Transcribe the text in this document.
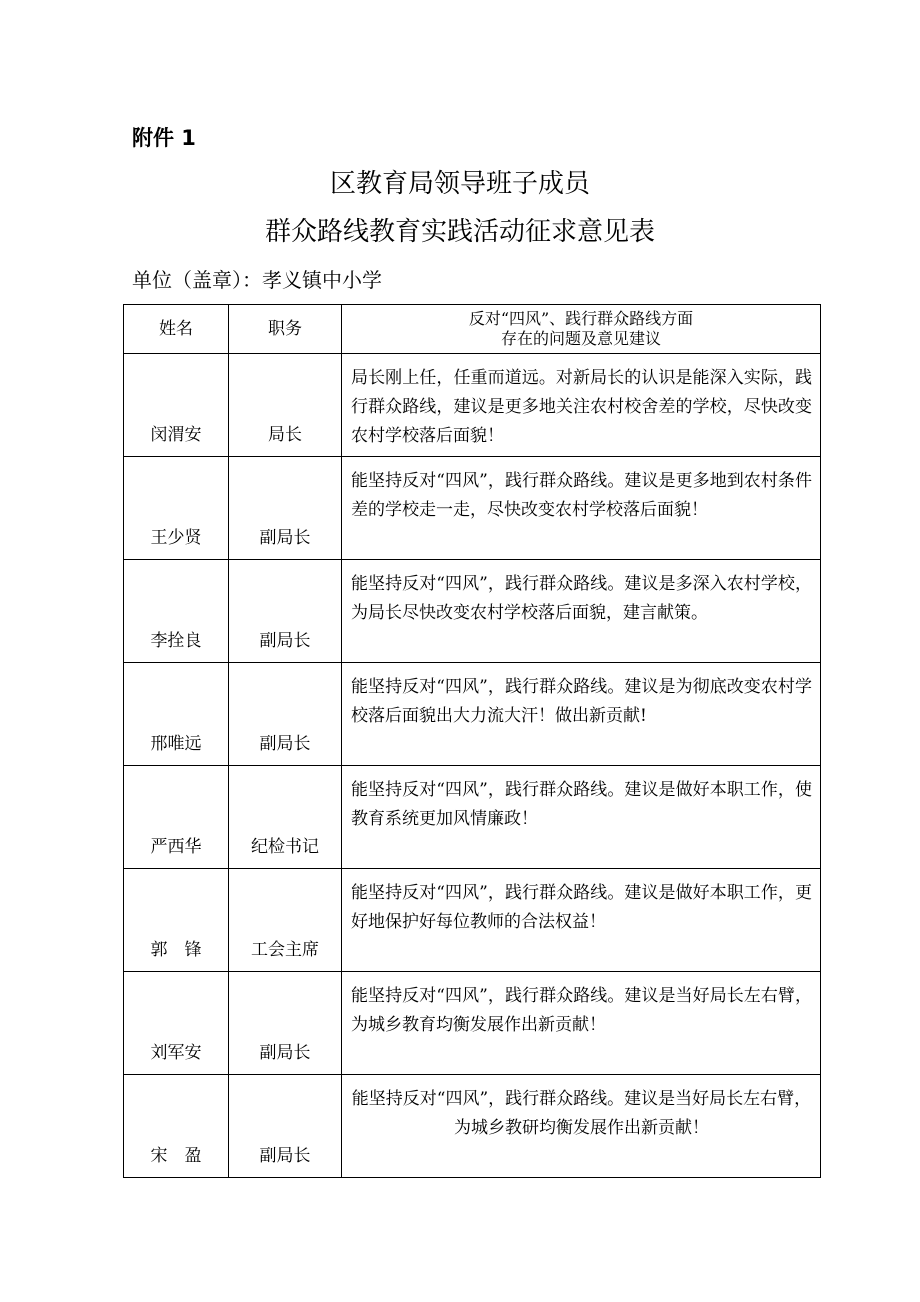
附件 1
区教育局领导班子成员
群众路线教育实践活动征求意见表
单位（盖章）：孝义镇中小学
姓名	职务	反对“四风”、践行群众路线方面
存在的问题及意见建议

闵渭安	局长	局长刚上任，任重而道远。对新局长的认识是能深入实际，践行群众路线，建议是更多地关注农村校舍差的学校，尽快改变农村学校落后面貌！
王少贤	副局长	能坚持反对“四风”，践行群众路线。建议是更多地到农村条件差的学校走一走，尽快改变农村学校落后面貌！
李拴良	副局长	能坚持反对“四风”，践行群众路线。建议是多深入农村学校，为局长尽快改变农村学校落后面貌，建言献策。
邢唯远	副局长	能坚持反对“四风”，践行群众路线。建议是为彻底改变农村学校落后面貌出大力流大汗！做出新贡献!
严西华	纪检书记	能坚持反对“四风”，践行群众路线。建议是做好本职工作，使教育系统更加风情廉政！
郭　锋	工会主席	能坚持反对“四风”，践行群众路线。建议是做好本职工作，更好地保护好每位教师的合法权益！
刘军安	副局长	能坚持反对“四风”，践行群众路线。建议是当好局长左右臂，为城乡教育均衡发展作出新贡献！
宋　盈	副局长	能坚持反对“四风”，践行群众路线。建议是当好局长左右臂，为城乡教研均衡发展作出新贡献！
